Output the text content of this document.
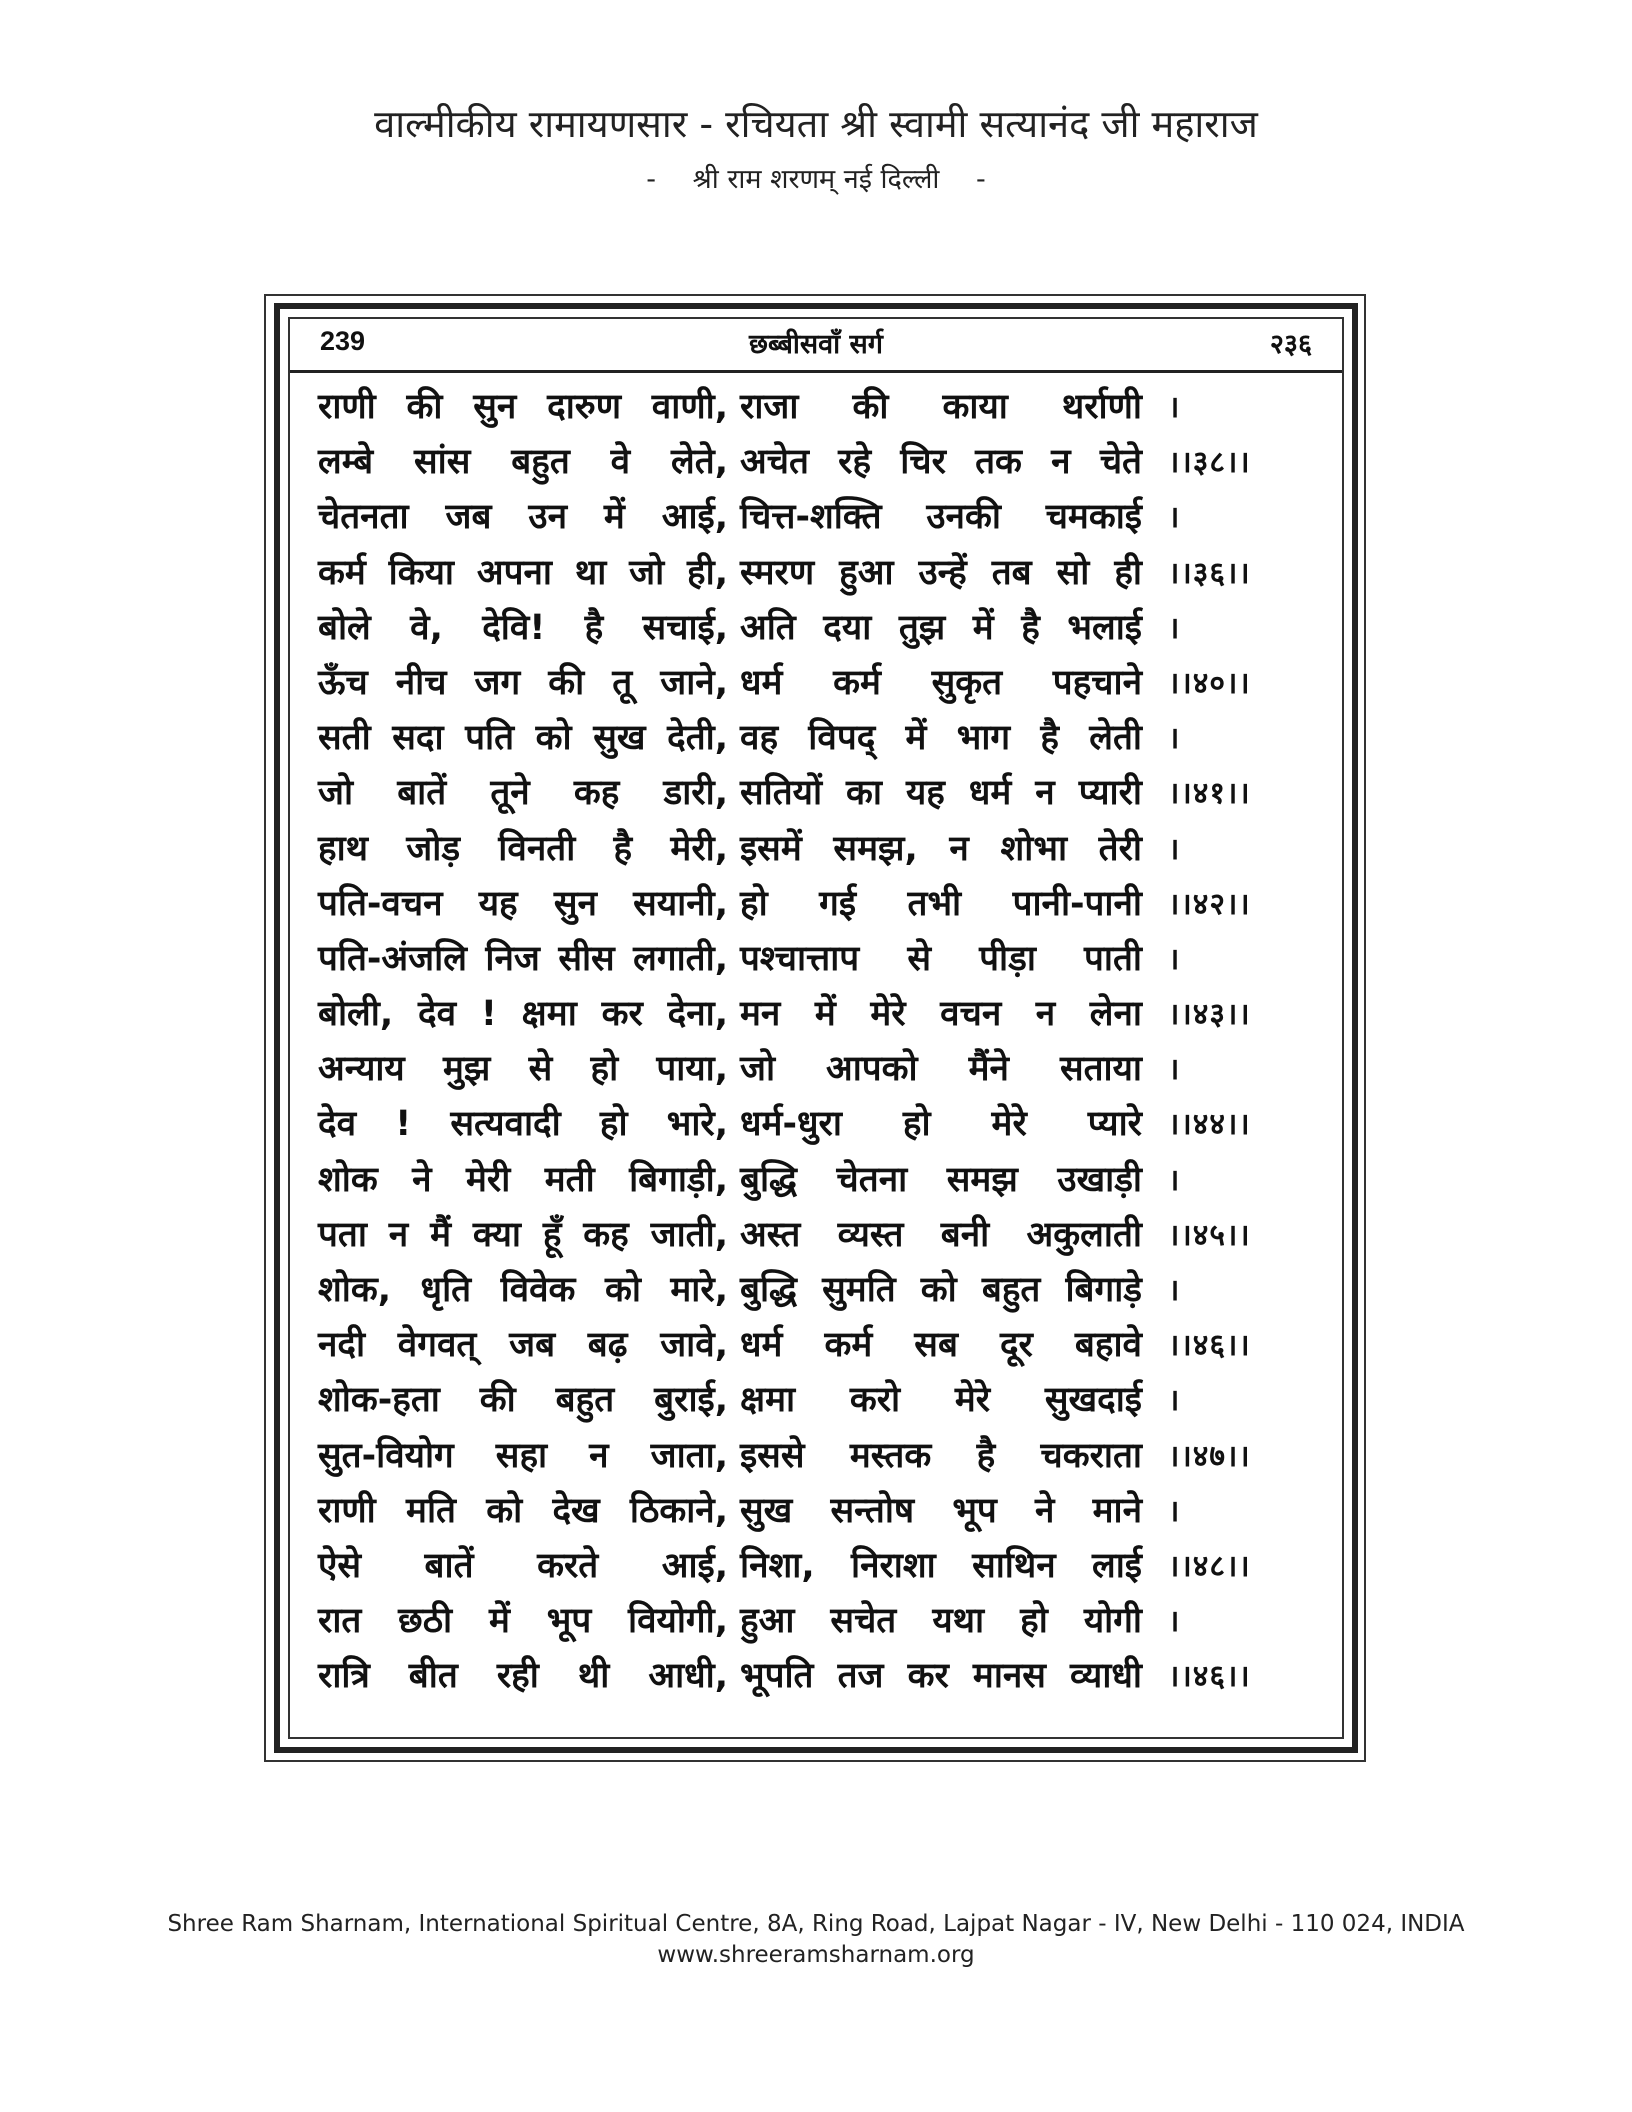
वाल्मीकीय रामायणसार - रचियता श्री स्वामी सत्यानंद जी महाराज
- श्री राम शरणम् नई दिल्ली -
239	छब्बीसवाँ सर्ग	२३६
राणी की सुन दारुण वाणी, राजा की काया थर्राणी ।
लम्बे सांस बहुत वे लेते, अचेत रहे चिर तक न चेते ।।३८।।
चेतनता जब उन में आई, चित्त-शक्ति उनकी चमकाई ।
कर्म किया अपना था जो ही, स्मरण हुआ उन्हें तब सो ही ।।३६।।
बोले वे, देवि! है सचाई, अति दया तुझ में है भलाई ।
ऊँच नीच जग की तू जाने, धर्म कर्म सुकृत पहचाने ।।४०।।
सती सदा पति को सुख देती, वह विपद् में भाग है लेती ।
जो बातें तूने कह डारी, सतियों का यह धर्म न प्यारी ।।४१।।
हाथ जोड़ विनती है मेरी, इसमें समझ, न शोभा तेरी ।
पति-वचन यह सुन सयानी, हो गई तभी पानी-पानी ।।४२।।
पति-अंजलि निज सीस लगाती, पश्चात्ताप से पीड़ा पाती ।
बोली, देव ! क्षमा कर देना, मन में मेरे वचन न लेना ।।४३।।
अन्याय मुझ से हो पाया, जो आपको मैंने सताया ।
देव ! सत्यवादी हो भारे, धर्म-धुरा हो मेरे प्यारे ।।४४।।
शोक ने मेरी मती बिगाड़ी, बुद्धि चेतना समझ उखाड़ी ।
पता न मैं क्या हूँ कह जाती, अस्त व्यस्त बनी अकुलाती ।।४५।।
शोक, धृति विवेक को मारे, बुद्धि सुमति को बहुत बिगाड़े ।
नदी वेगवत् जब बढ़ जावे, धर्म कर्म सब दूर बहावे ।।४६।।
शोक-हता की बहुत बुराई, क्षमा करो मेरे सुखदाई ।
सुत-वियोग सहा न जाता, इससे मस्तक है चकराता ।।४७।।
राणी मति को देख ठिकाने, सुख सन्तोष भूप ने माने ।
ऐसे बातें करते आई, निशा, निराशा साथिन लाई ।।४८।।
रात छठी में भूप वियोगी, हुआ सचेत यथा हो योगी ।
रात्रि बीत रही थी आधी, भूपति तज कर मानस व्याधी ।।४६।।
Shree Ram Sharnam, International Spiritual Centre, 8A, Ring Road, Lajpat Nagar - IV, New Delhi - 110 024, INDIA
www.shreeramsharnam.org
